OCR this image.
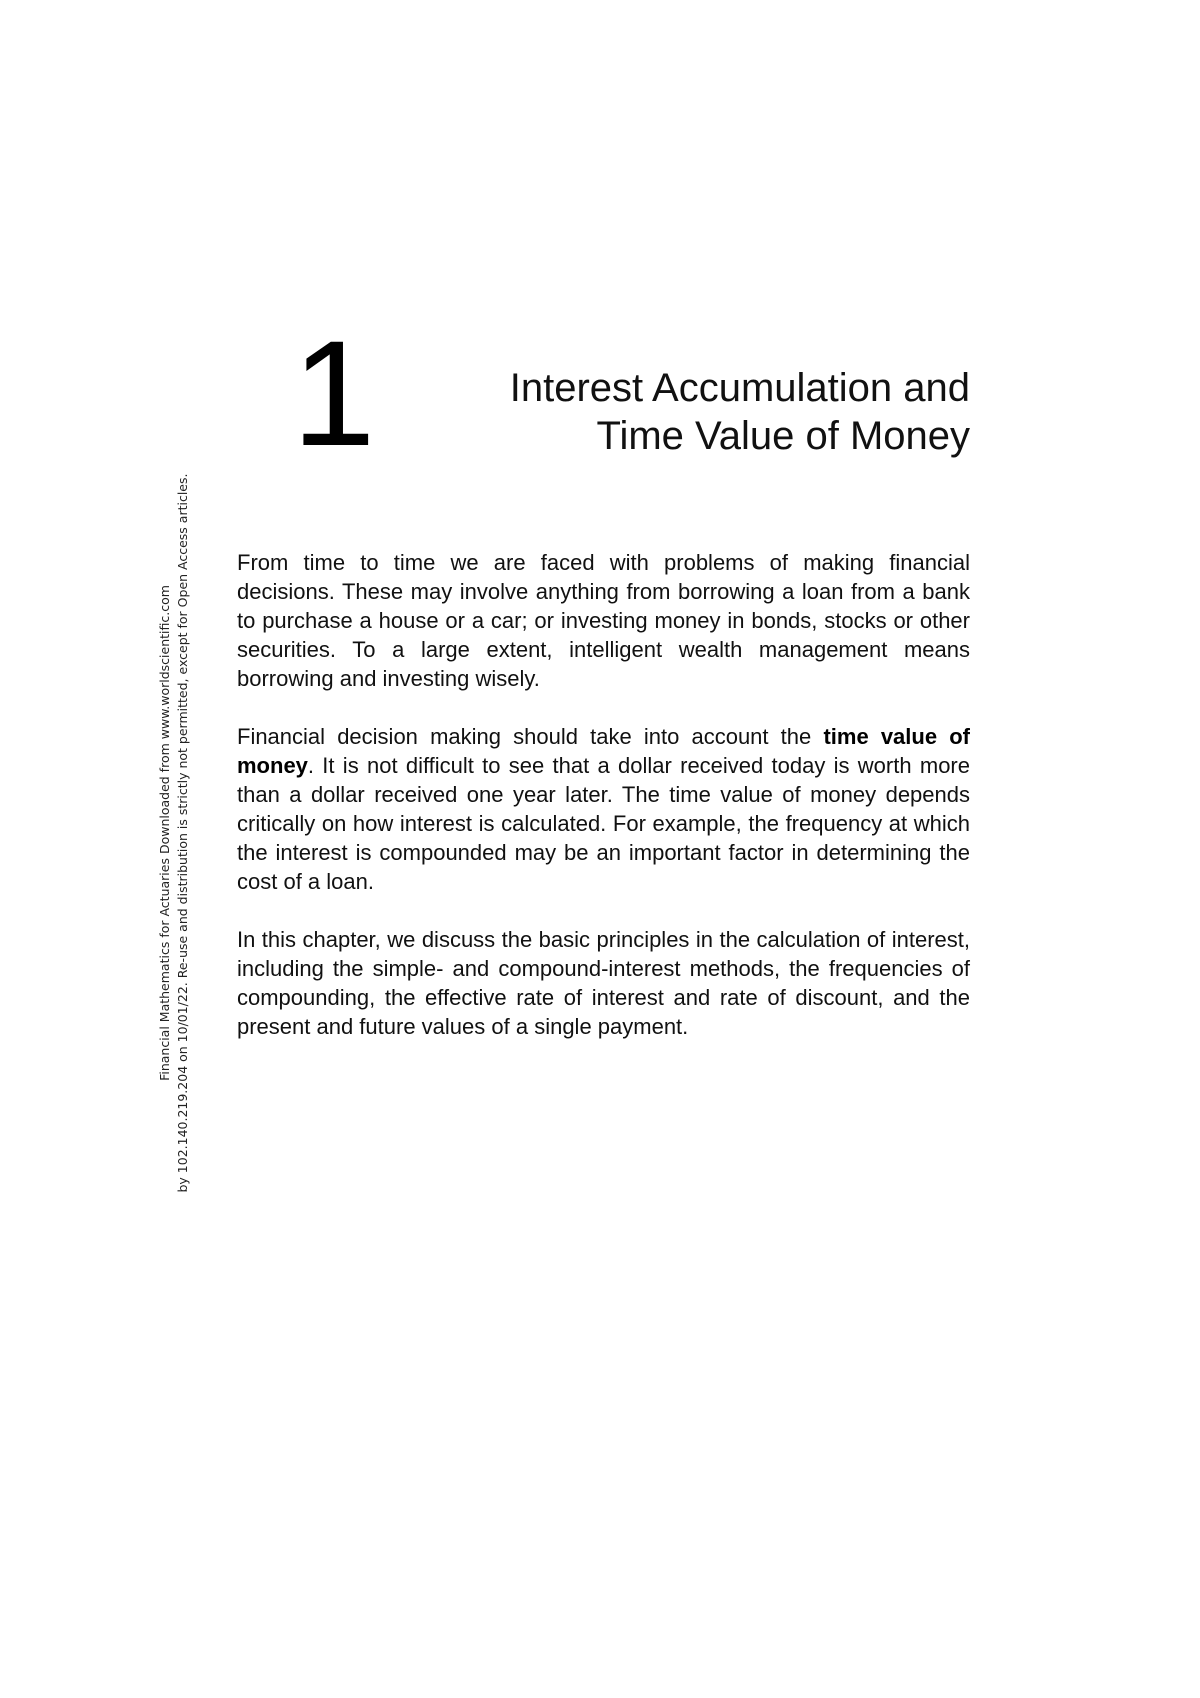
Financial Mathematics for Actuaries Downloaded from www.worldscientific.com by 102.140.219.204 on 10/01/22. Re-use and distribution is strictly not permitted, except for Open Access articles.
1	Interest Accumulation and
Time Value of Money

From time to time we are faced with problems of making financial decisions. These may involve anything from borrowing a loan from a bank to purchase a house or a car; or investing money in bonds, stocks or other securities. To a large extent, intelligent wealth management means borrowing and investing wisely.

Financial decision making should take into account the time value of money. It is not difficult to see that a dollar received today is worth more than a dollar received one year later. The time value of money depends critically on how interest is calculated. For example, the frequency at which the interest is compounded may be an important factor in determining the cost of a loan.

In this chapter, we discuss the basic principles in the calculation of interest, including the simple- and compound-interest methods, the frequencies of compounding, the effective rate of interest and rate of discount, and the present and future values of a single payment.
